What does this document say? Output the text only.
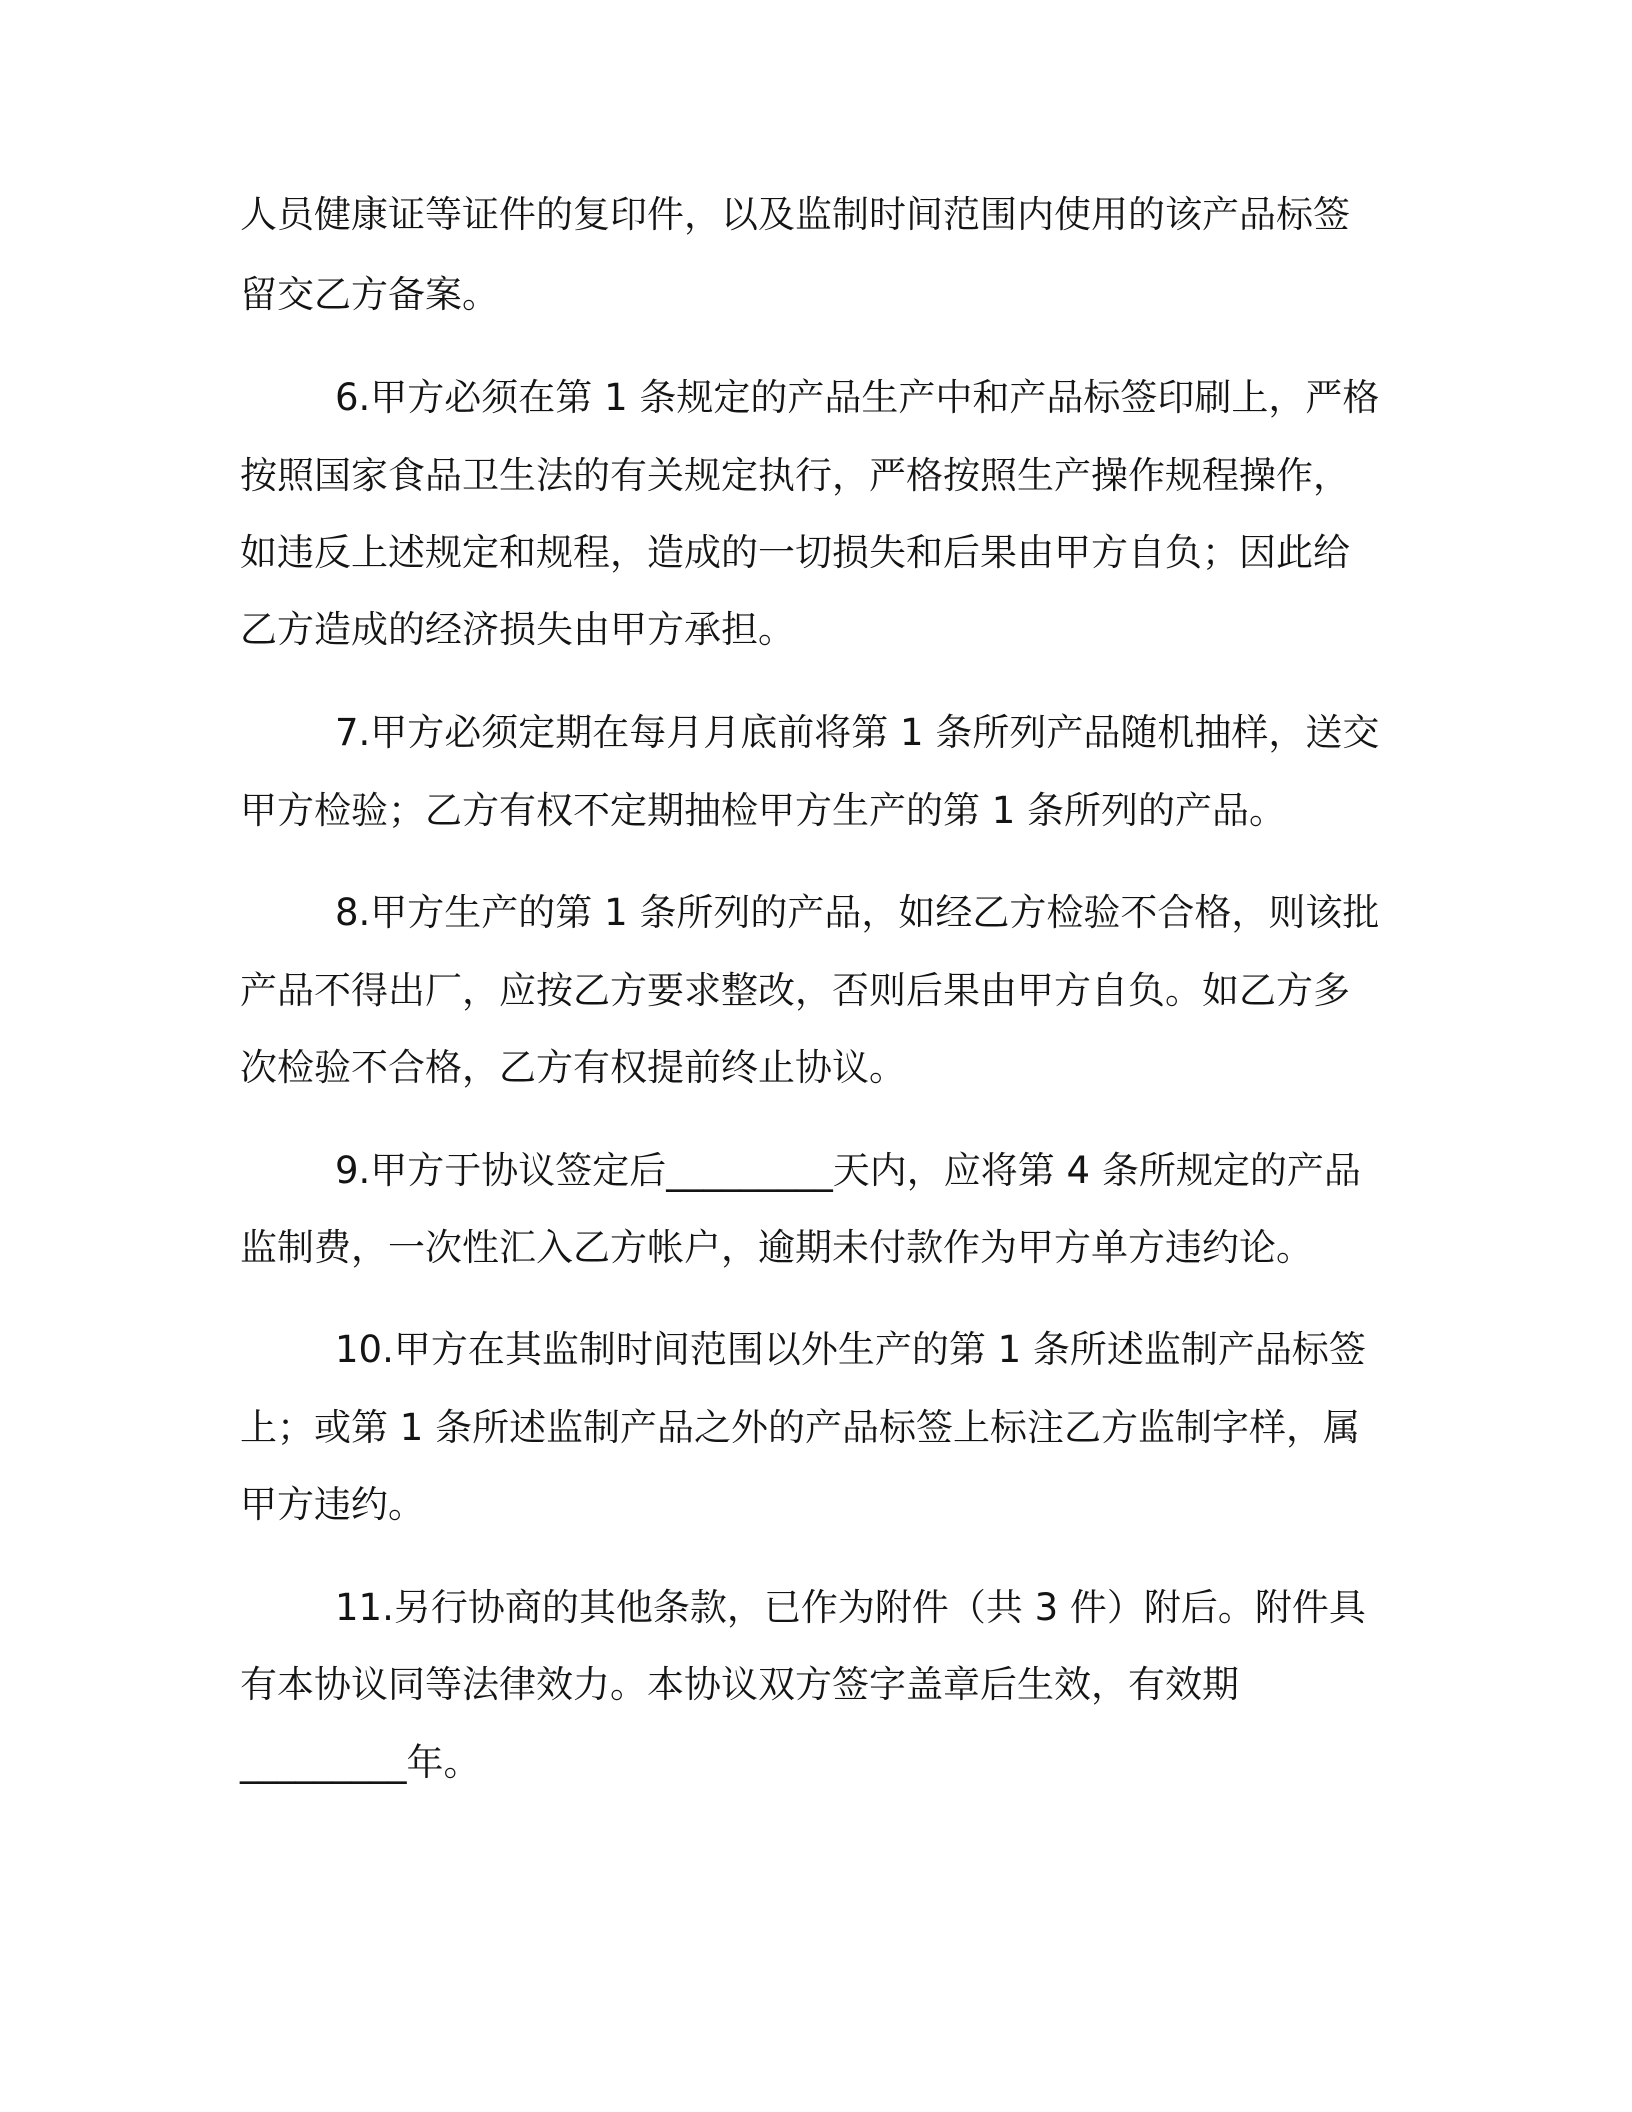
人员健康证等证件的复印件，以及监制时间范围内使用的该产品标签
留交乙方备案。
6.甲方必须在第 1 条规定的产品生产中和产品标签印刷上，严格
按照国家食品卫生法的有关规定执行，严格按照生产操作规程操作，
如违反上述规定和规程，造成的一切损失和后果由甲方自负；因此给
乙方造成的经济损失由甲方承担。
7.甲方必须定期在每月月底前将第 1 条所列产品随机抽样，送交
甲方检验；乙方有权不定期抽检甲方生产的第 1 条所列的产品。
8.甲方生产的第 1 条所列的产品，如经乙方检验不合格，则该批
产品不得出厂，应按乙方要求整改，否则后果由甲方自负。如乙方多
次检验不合格，乙方有权提前终止协议。
9.甲方于协议签定后_________天内，应将第 4 条所规定的产品
监制费，一次性汇入乙方帐户，逾期未付款作为甲方单方违约论。
10.甲方在其监制时间范围以外生产的第 1 条所述监制产品标签
上；或第 1 条所述监制产品之外的产品标签上标注乙方监制字样，属
甲方违约。
11.另行协商的其他条款，已作为附件（共 3 件）附后。附件具
有本协议同等法律效力。本协议双方签字盖章后生效，有效期
_________年。
